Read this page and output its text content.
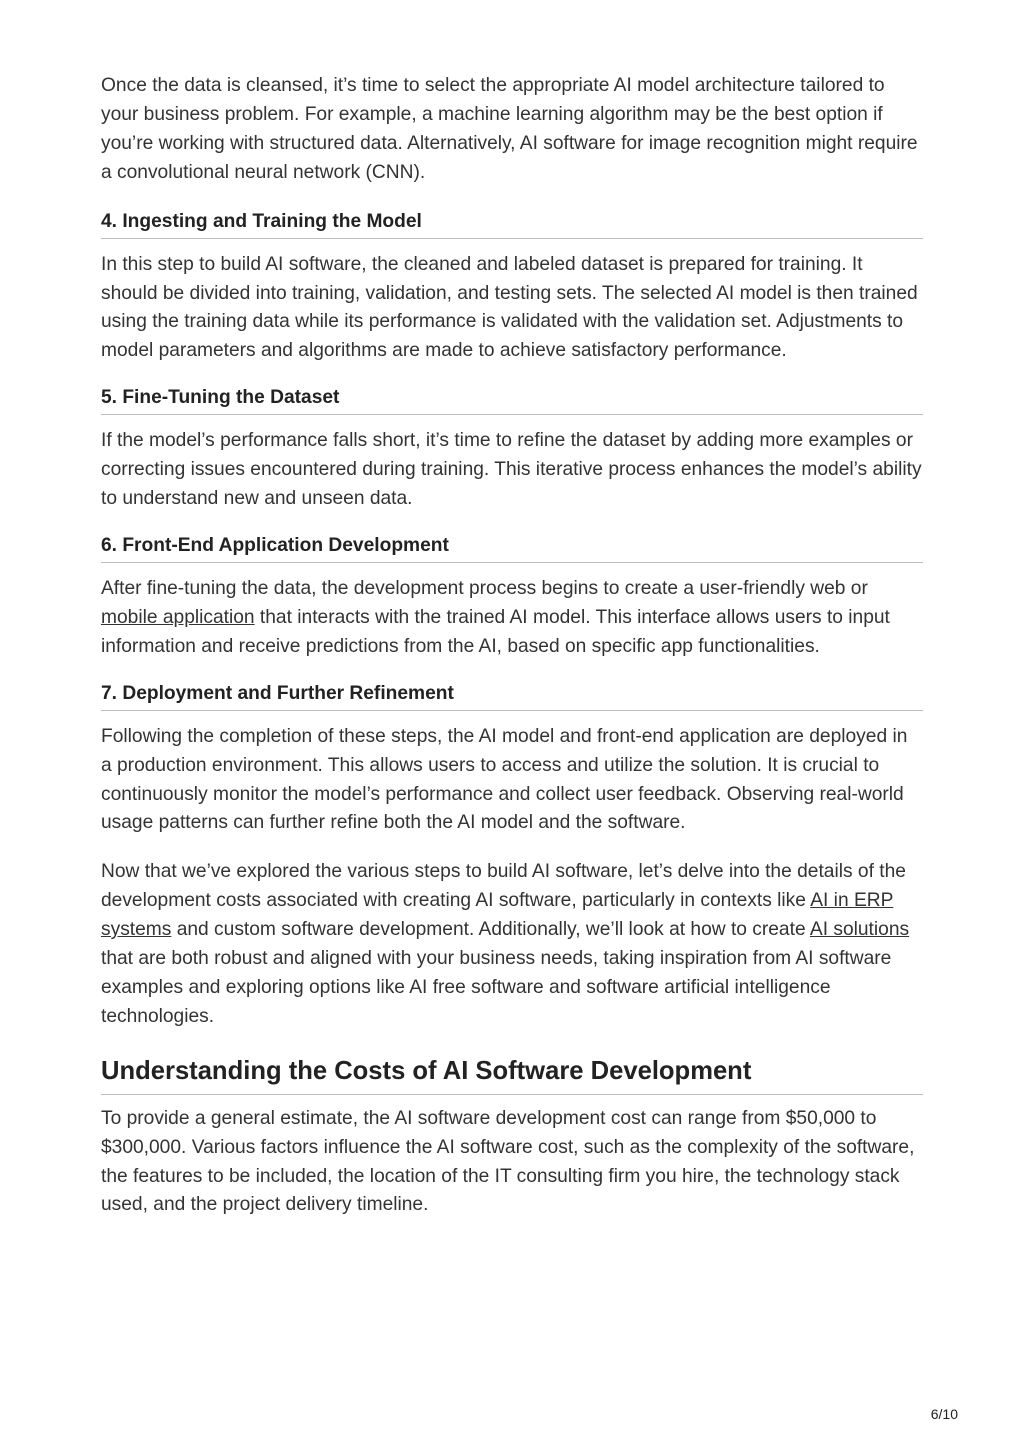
Once the data is cleansed, it’s time to select the appropriate AI model architecture tailored to your business problem. For example, a machine learning algorithm may be the best option if you’re working with structured data. Alternatively, AI software for image recognition might require a convolutional neural network (CNN).

4. Ingesting and Training the Model

In this step to build AI software, the cleaned and labeled dataset is prepared for training. It should be divided into training, validation, and testing sets. The selected AI model is then trained using the training data while its performance is validated with the validation set. Adjustments to model parameters and algorithms are made to achieve satisfactory performance.

5. Fine-Tuning the Dataset

If the model’s performance falls short, it’s time to refine the dataset by adding more examples or correcting issues encountered during training. This iterative process enhances the model’s ability to understand new and unseen data.

6. Front-End Application Development

After fine-tuning the data, the development process begins to create a user-friendly web or mobile application that interacts with the trained AI model. This interface allows users to input information and receive predictions from the AI, based on specific app functionalities.

7. Deployment and Further Refinement

Following the completion of these steps, the AI model and front-end application are deployed in a production environment. This allows users to access and utilize the solution. It is crucial to continuously monitor the model’s performance and collect user feedback. Observing real-world usage patterns can further refine both the AI model and the software.

Now that we’ve explored the various steps to build AI software, let’s delve into the details of the development costs associated with creating AI software, particularly in contexts like AI in ERP systems and custom software development. Additionally, we’ll look at how to create AI solutions that are both robust and aligned with your business needs, taking inspiration from AI software examples and exploring options like AI free software and software artificial intelligence technologies.

Understanding the Costs of AI Software Development

To provide a general estimate, the AI software development cost can range from $50,000 to $300,000. Various factors influence the AI software cost, such as the complexity of the software, the features to be included, the location of the IT consulting firm you hire, the technology stack used, and the project delivery timeline.

6/10
